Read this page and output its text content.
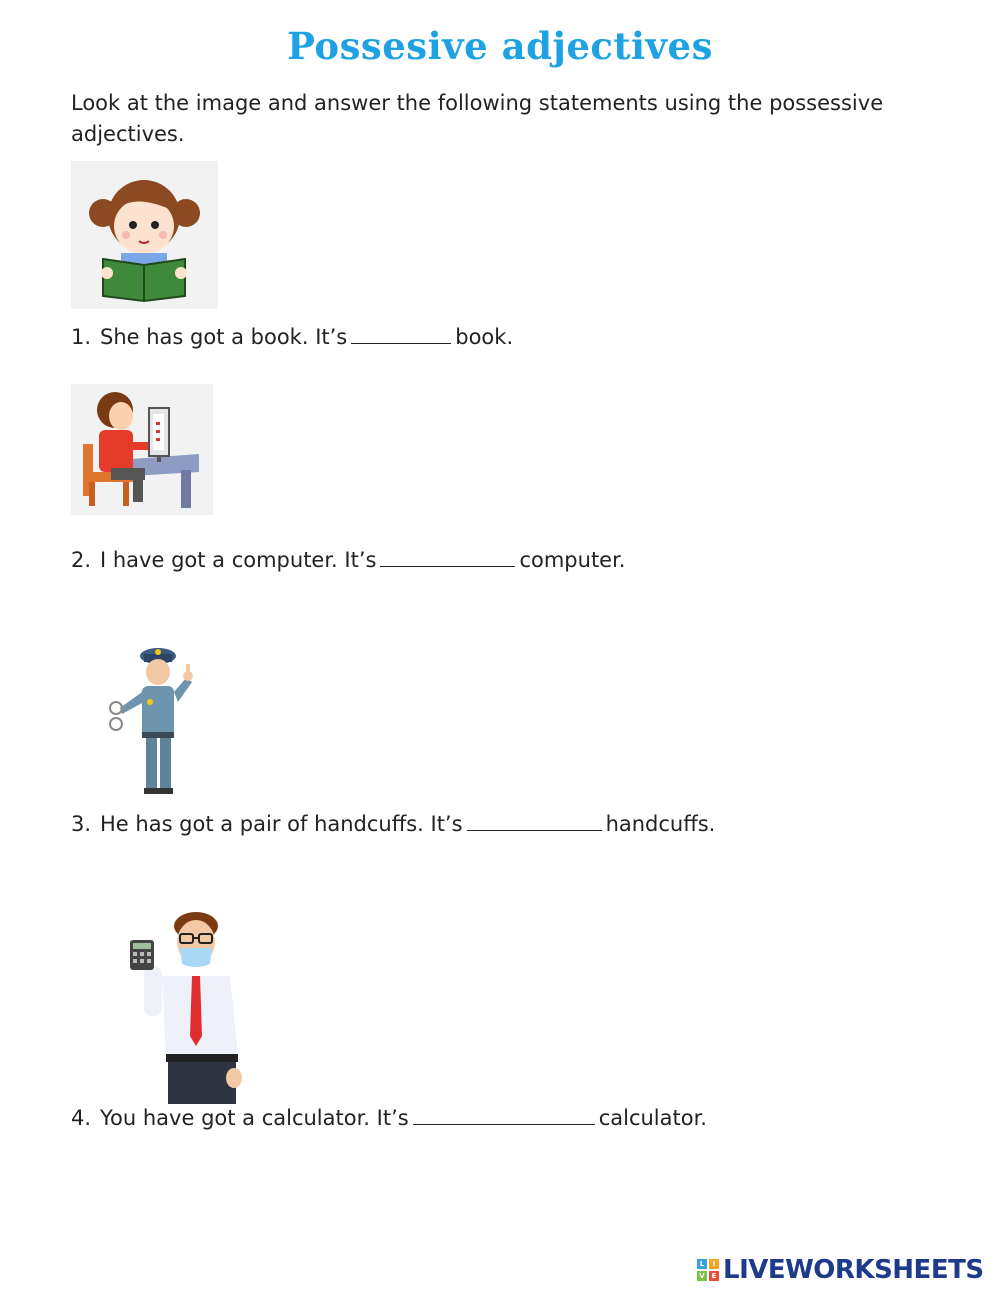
Possesive adjectives
Look at the image and answer the following statements using the possessive adjectives.
1. She has got a book. It’s	book.
2. I have got a computer. It’s	computer.
3. He has got a pair of handcuffs. It’s	handcuffs.
4. You have got a calculator. It’s	calculator.
L	I
V E LIVEWORKSHEETS
